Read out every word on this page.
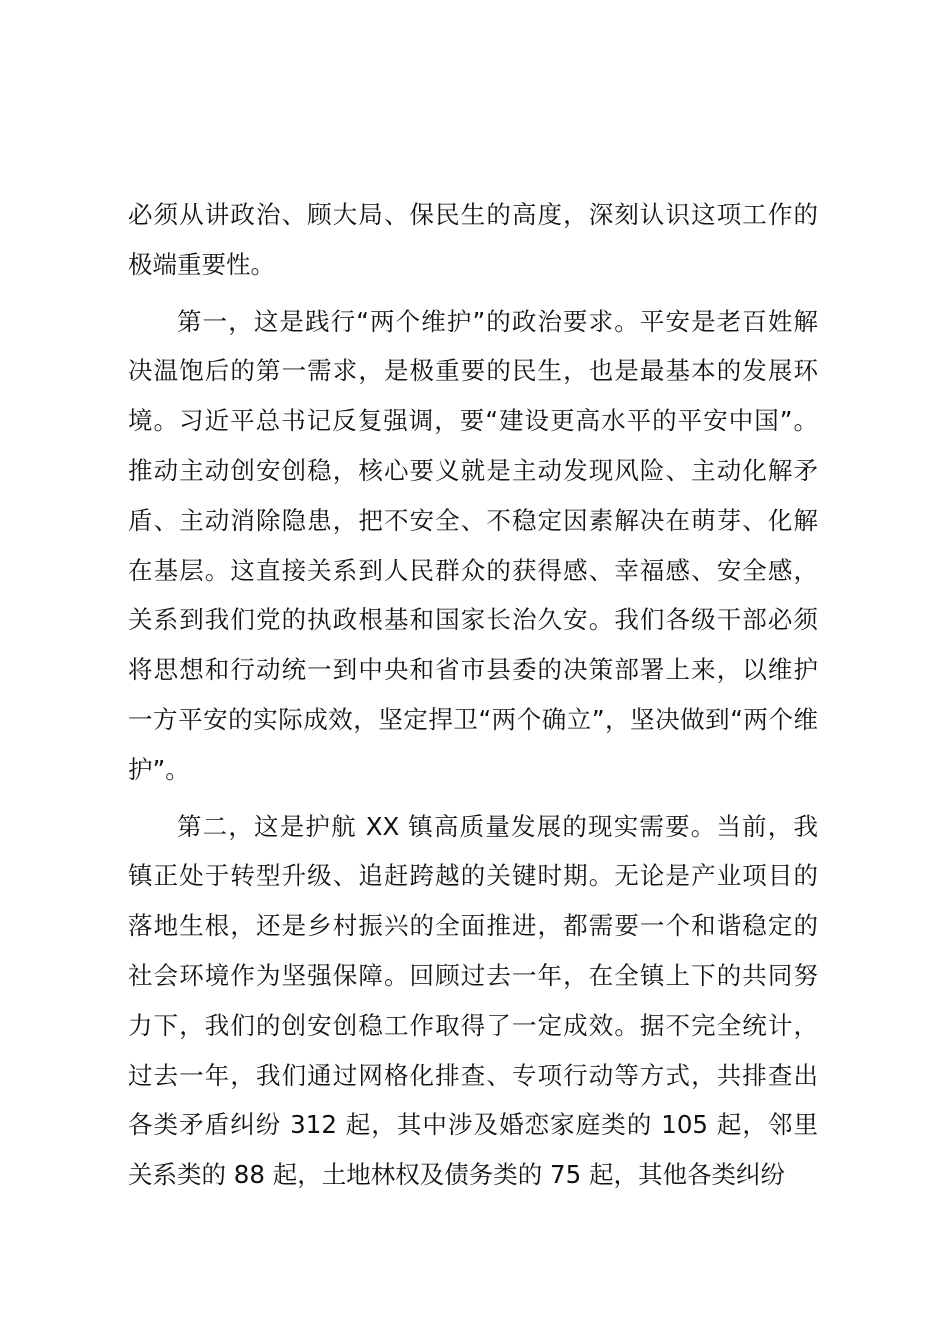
必须从讲政治、顾大局、保民生的高度，深刻认识这项工作的
极端重要性。
第一，这是践行“两个维护”的政治要求。平安是老百姓解
决温饱后的第一需求，是极重要的民生，也是最基本的发展环
境。习近平总书记反复强调，要“建设更高水平的平安中国”。
推动主动创安创稳，核心要义就是主动发现风险、主动化解矛
盾、主动消除隐患，把不安全、不稳定因素解决在萌芽、化解
在基层。这直接关系到人民群众的获得感、幸福感、安全感，
关系到我们党的执政根基和国家长治久安。我们各级干部必须
将思想和行动统一到中央和省市县委的决策部署上来，以维护
一方平安的实际成效，坚定捍卫“两个确立”，坚决做到“两个维
护”。
第二，这是护航 XX 镇高质量发展的现实需要。当前，我
镇正处于转型升级、追赶跨越的关键时期。无论是产业项目的
落地生根，还是乡村振兴的全面推进，都需要一个和谐稳定的
社会环境作为坚强保障。回顾过去一年，在全镇上下的共同努
力下，我们的创安创稳工作取得了一定成效。据不完全统计，
过去一年，我们通过网格化排查、专项行动等方式，共排查出
各类矛盾纠纷 312 起，其中涉及婚恋家庭类的 105 起，邻里
关系类的 88 起，土地林权及债务类的 75 起，其他各类纠纷
